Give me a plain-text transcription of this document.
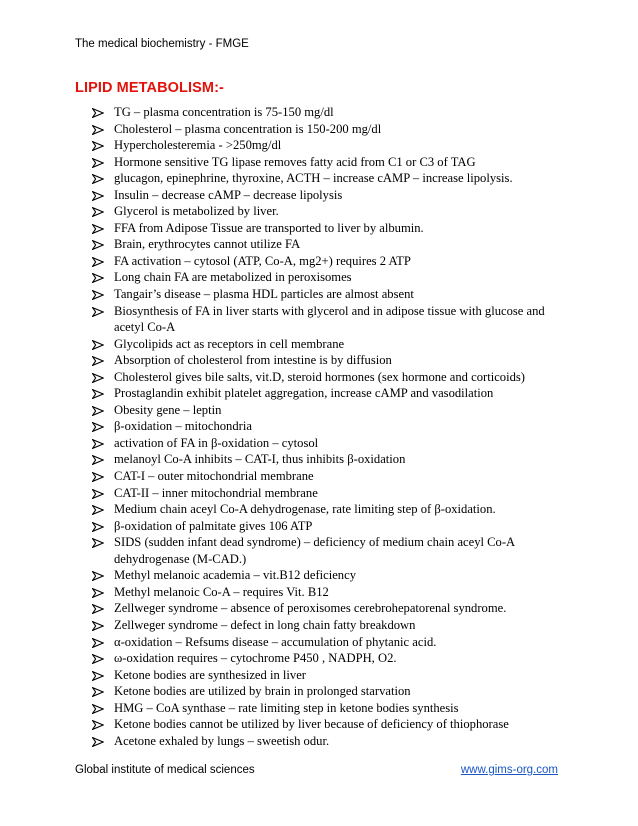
The medical biochemistry - FMGE
LIPID METABOLISM:-
TG – plasma concentration is 75-150 mg/dl
Cholesterol – plasma concentration is 150-200 mg/dl
Hypercholesteremia - >250mg/dl
Hormone sensitive TG lipase removes fatty acid from C1 or C3 of TAG
glucagon, epinephrine, thyroxine, ACTH – increase cAMP – increase lipolysis.
Insulin – decrease cAMP – decrease lipolysis
Glycerol is metabolized by liver.
FFA from Adipose Tissue are transported to liver by albumin.
Brain, erythrocytes cannot utilize FA
FA activation – cytosol (ATP, Co-A, mg2+) requires 2 ATP
Long chain FA are metabolized in peroxisomes
Tangair’s disease – plasma HDL particles are almost absent
Biosynthesis of FA in liver starts with glycerol and in adipose tissue with glucose and acetyl Co-A
Glycolipids act as receptors in cell membrane
Absorption of cholesterol from intestine is by diffusion
Cholesterol gives bile salts, vit.D, steroid hormones (sex hormone and corticoids)
Prostaglandin exhibit platelet aggregation, increase cAMP and vasodilation
Obesity gene – leptin
β-oxidation – mitochondria
activation of FA in β-oxidation – cytosol
melanoyl Co-A inhibits – CAT-I, thus inhibits β-oxidation
CAT-I – outer mitochondrial membrane
CAT-II – inner mitochondrial membrane
Medium chain aceyl Co-A dehydrogenase, rate limiting step of β-oxidation.
β-oxidation of palmitate gives 106 ATP
SIDS (sudden infant dead syndrome) – deficiency of medium chain aceyl Co-A dehydrogenase (M-CAD.)
Methyl melanoic academia – vit.B12 deficiency
Methyl melanoic Co-A – requires Vit. B12
Zellweger syndrome – absence of peroxisomes cerebrohepatorenal syndrome.
Zellweger syndrome – defect in long chain fatty breakdown
α-oxidation – Refsums disease – accumulation of phytanic acid.
ω-oxidation requires – cytochrome P450 , NADPH, O2.
Ketone bodies are synthesized in liver
Ketone bodies are utilized by brain in prolonged starvation
HMG – CoA synthase – rate limiting step in ketone bodies synthesis
Ketone bodies cannot be utilized by liver because of deficiency of thiophorase
Acetone exhaled by lungs – sweetish odur.
Global institute of medical sciences	www.gims-org.com
